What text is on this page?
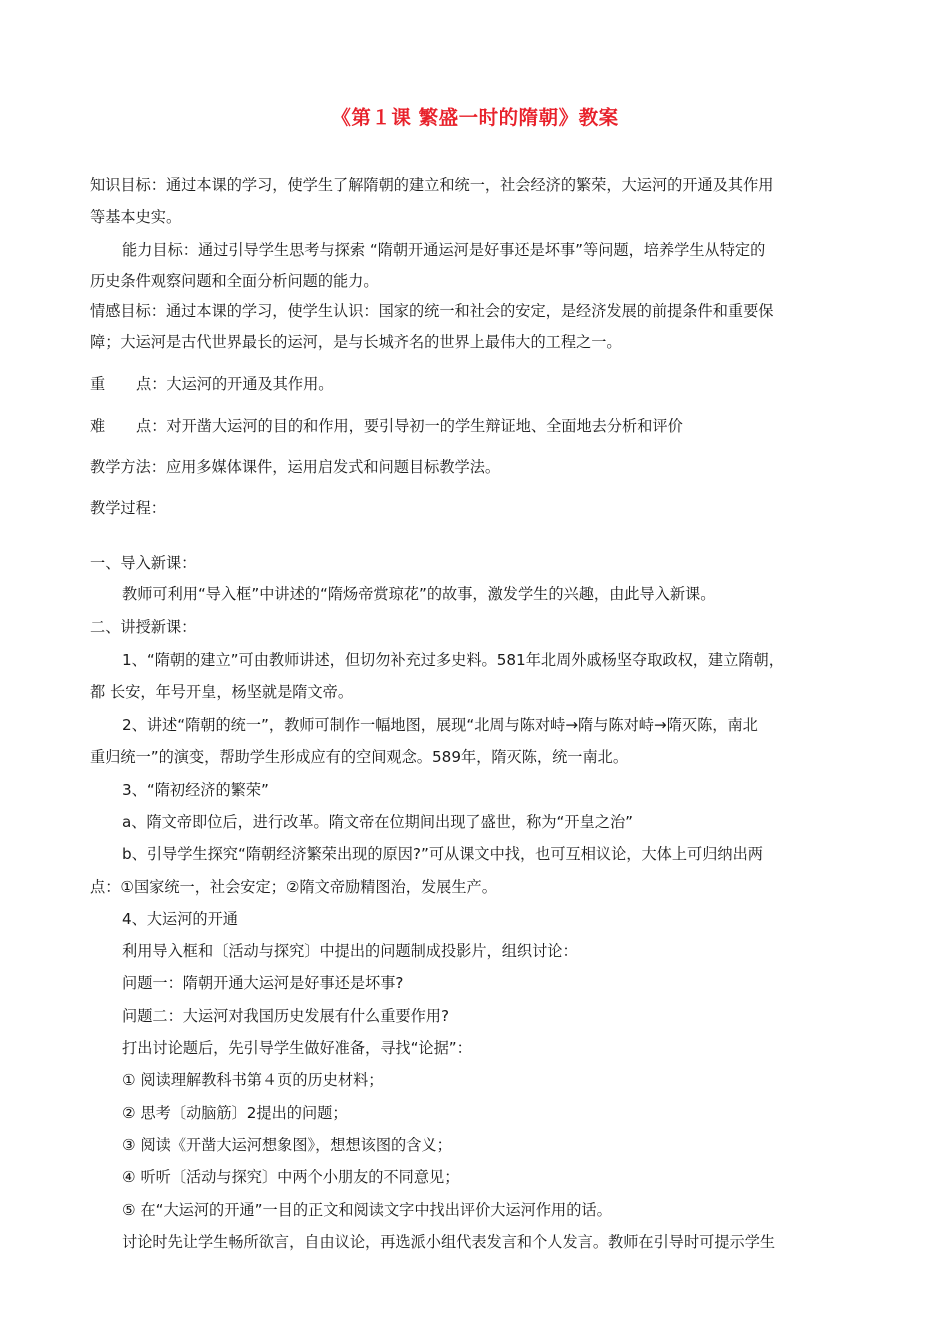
《第１课 繁盛一时的隋朝》教案
知识目标：通过本课的学习，使学生了解隋朝的建立和统一，社会经济的繁荣，大运河的开通及其作用
等基本史实。
能力目标：通过引导学生思考与探索 “隋朝开通运河是好事还是坏事”等问题，培养学生从特定的
历史条件观察问题和全面分析问题的能力。
情感目标：通过本课的学习，使学生认识：国家的统一和社会的安定，是经济发展的前提条件和重要保
障；大运河是古代世界最长的运河，是与长城齐名的世界上最伟大的工程之一。
重 点：大运河的开通及其作用。
难 点：对开凿大运河的目的和作用，要引导初一的学生辩证地、全面地去分析和评价
教学方法：应用多媒体课件，运用启发式和问题目标教学法。
教学过程：
一、导入新课：
教师可利用“导入框”中讲述的“隋炀帝赏琼花”的故事，激发学生的兴趣，由此导入新课。
二、讲授新课：
1、“隋朝的建立”可由教师讲述，但切勿补充过多史料。581年北周外戚杨坚夺取政权，建立隋朝，
都 长安，年号开皇，杨坚就是隋文帝。
2、讲述“隋朝的统一”，教师可制作一幅地图，展现“北周与陈对峙→隋与陈对峙→隋灭陈，南北
重归统一”的演变，帮助学生形成应有的空间观念。589年，隋灭陈，统一南北。
3、“隋初经济的繁荣”
a、隋文帝即位后，进行改革。隋文帝在位期间出现了盛世，称为“开皇之治”
b、引导学生探究“隋朝经济繁荣出现的原因?”可从课文中找，也可互相议论，大体上可归纳出两
点：①国家统一，社会安定；②隋文帝励精图治，发展生产。
4、大运河的开通
利用导入框和〔活动与探究〕中提出的问题制成投影片，组织讨论：
问题一：隋朝开通大运河是好事还是坏事?
问题二：大运河对我国历史发展有什么重要作用?
打出讨论题后，先引导学生做好准备，寻找“论据”：
① 阅读理解教科书第４页的历史材料；
② 思考〔动脑筋〕2提出的问题；
③ 阅读《开凿大运河想象图》，想想该图的含义；
④ 听听〔活动与探究〕中两个小朋友的不同意见；
⑤ 在“大运河的开通”一目的正文和阅读文字中找出评价大运河作用的话。
讨论时先让学生畅所欲言，自由议论，再选派小组代表发言和个人发言。教师在引导时可提示学生
